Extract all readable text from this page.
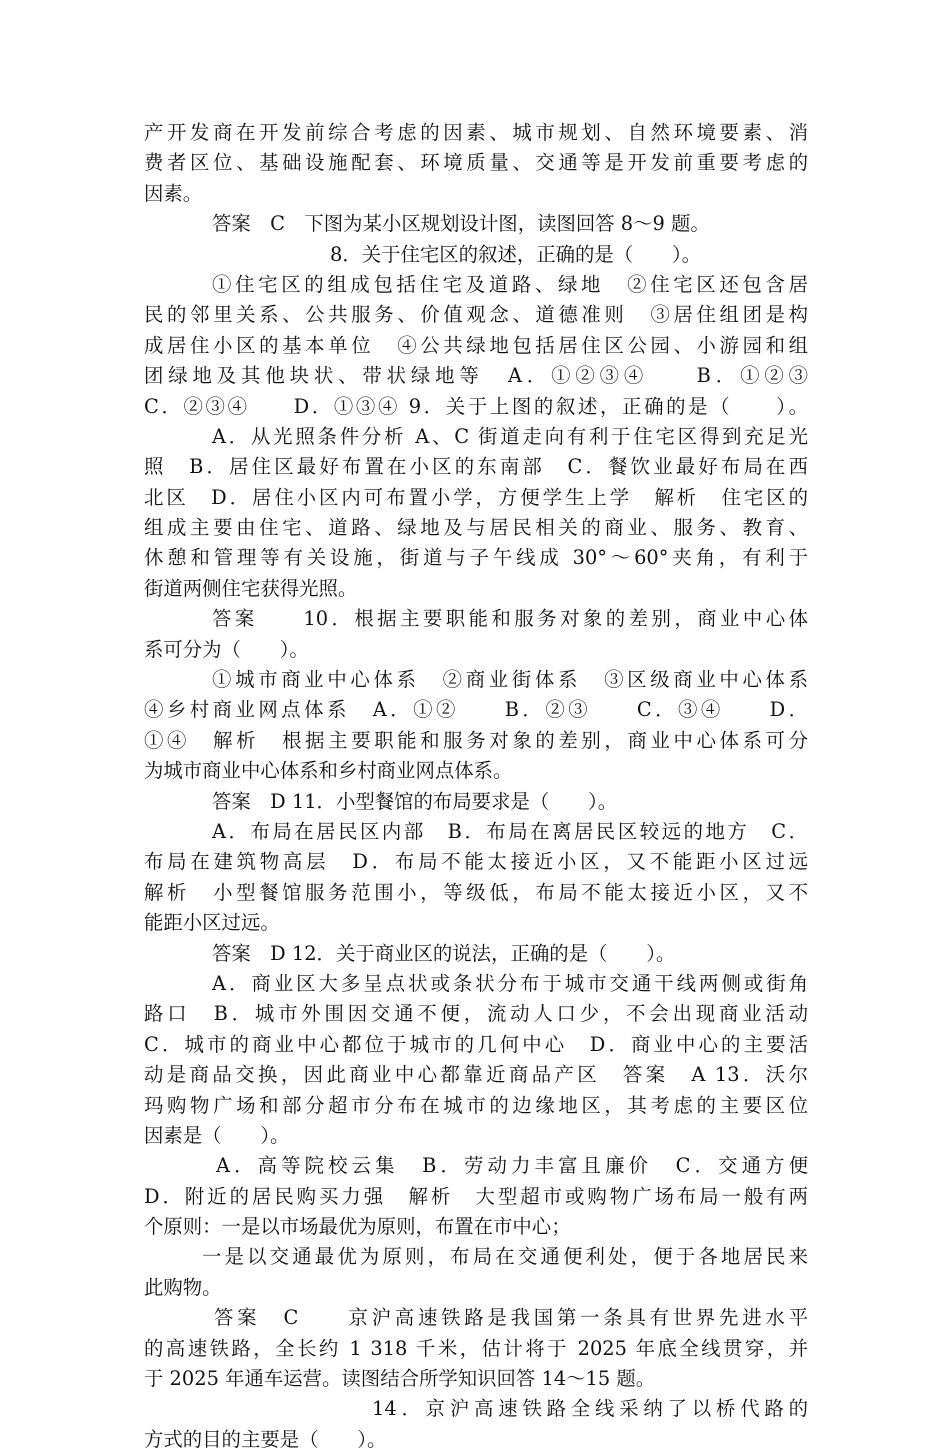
产开发商在开发前综合考虑的因素、城市规划、自然环境要素、消
费者区位、基础设施配套、环境质量、交通等是开发前重要考虑的
因素。
答案　C　下图为某小区规划设计图，读图回答 8～9 题。
8．关于住宅区的叙述，正确的是（　　）。
①住宅区的组成包括住宅及道路、绿地　②住宅区还包含居
民的邻里关系、公共服务、价值观念、道德准则　③居住组团是构
成居住小区的基本单位　④公共绿地包括居住区公园、小游园和组
团绿地及其他块状、带状绿地等　A．①②③④　　B．①②③
C．②③④　　D．①③④ 9．关于上图的叙述，正确的是（　　）。
A．从光照条件分析 A、C 街道走向有利于住宅区得到充足光
照　B．居住区最好布置在小区的东南部　C．餐饮业最好布局在西
北区　D．居住小区内可布置小学，方便学生上学　解析　住宅区的
组成主要由住宅、道路、绿地及与居民相关的商业、服务、教育、
休憩和管理等有关设施，街道与子午线成 30°～60°夹角，有利于
街道两侧住宅获得光照。
答案　　10．根据主要职能和服务对象的差别，商业中心体
系可分为（　　）。
①城市商业中心体系　②商业街体系　③区级商业中心体系
④乡村商业网点体系　A．①②　　B．②③　　C．③④　　D．
①④　解析　根据主要职能和服务对象的差别，商业中心体系可分
为城市商业中心体系和乡村商业网点体系。
答案　D 11．小型餐馆的布局要求是（　　）。
A．布局在居民区内部　B．布局在离居民区较远的地方　C．
布局在建筑物高层　D．布局不能太接近小区，又不能距小区过远
解析　小型餐馆服务范围小，等级低，布局不能太接近小区，又不
能距小区过远。
答案　D 12．关于商业区的说法，正确的是（　　）。
A．商业区大多呈点状或条状分布于城市交通干线两侧或街角
路口　B．城市外围因交通不便，流动人口少，不会出现商业活动
C．城市的商业中心都位于城市的几何中心　D．商业中心的主要活
动是商品交换，因此商业中心都靠近商品产区　答案　A 13．沃尔
玛购物广场和部分超市分布在城市的边缘地区，其考虑的主要区位
因素是（　　）。
A．高等院校云集　B．劳动力丰富且廉价　C．交通方便
D．附近的居民购买力强　解析　大型超市或购物广场布局一般有两
个原则：一是以市场最优为原则，布置在市中心；
一是以交通最优为原则，布局在交通便利处，便于各地居民来
此购物。
答案　C　　京沪高速铁路是我国第一条具有世界先进水平
的高速铁路，全长约 1 318 千米，估计将于 2025 年底全线贯穿，并
于 2025 年通车运营。读图结合所学知识回答 14～15 题。
14．京沪高速铁路全线采纳了以桥代路的
方式的目的主要是（　　）。
